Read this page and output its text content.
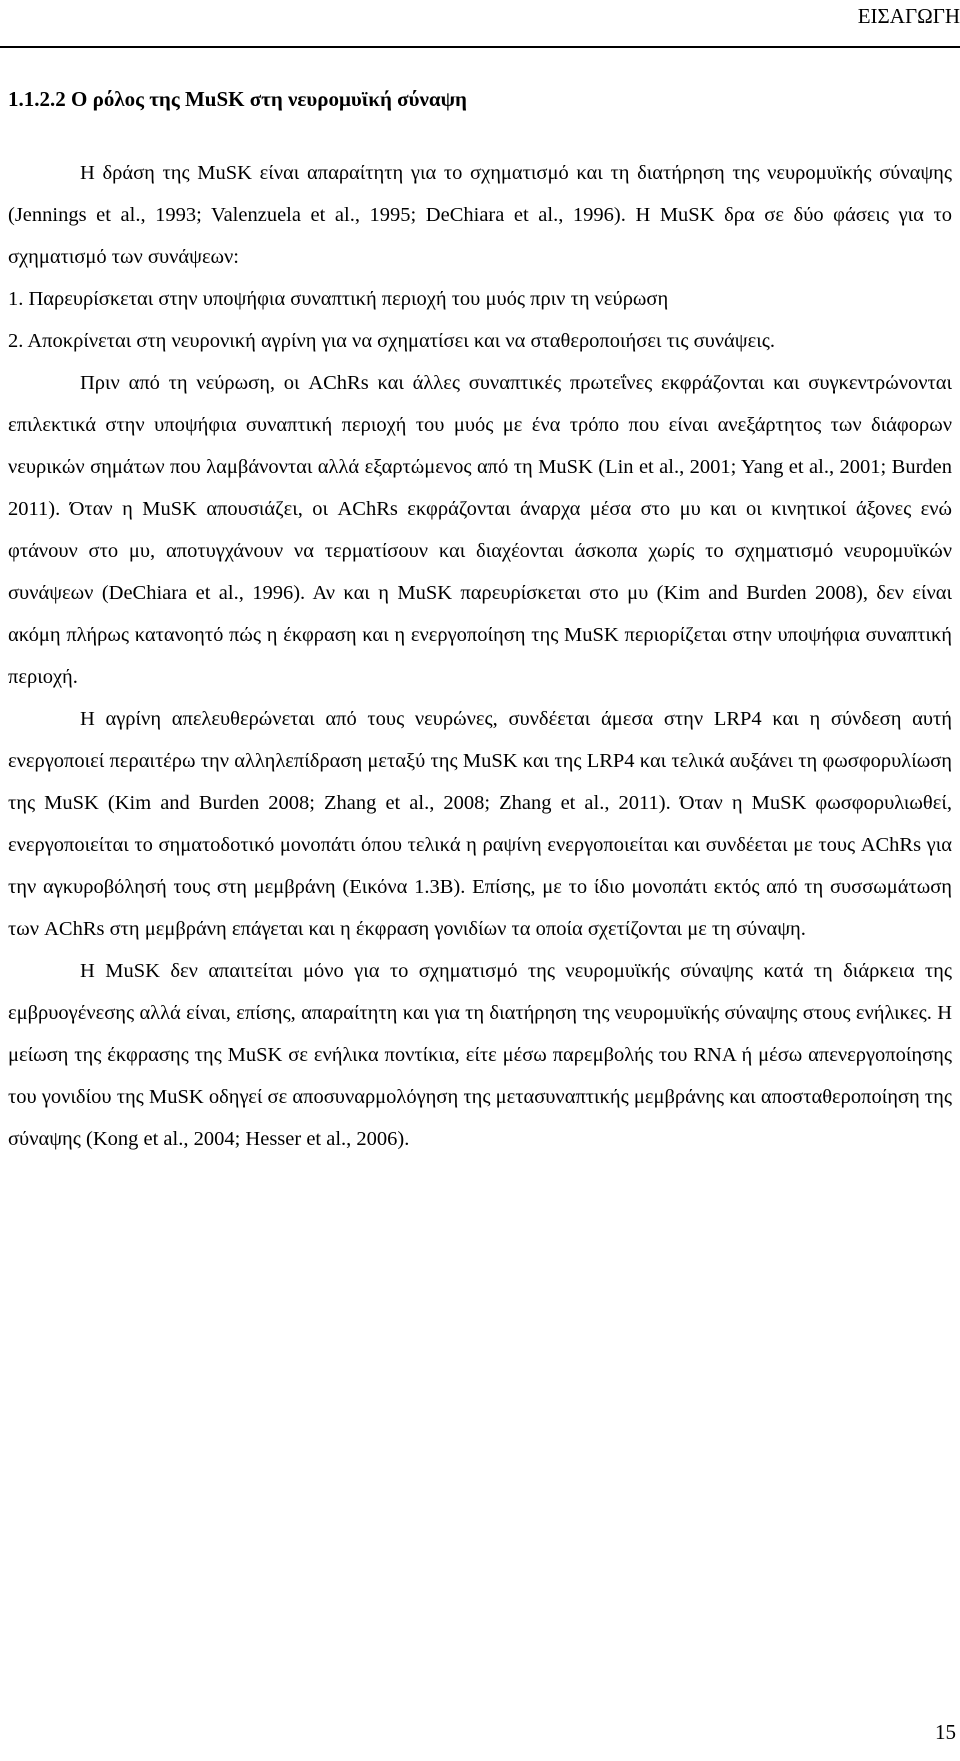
ΕΙΣΑΓΩΓΗ
1.1.2.2 Ο ρόλος της MuSK στη νευρομυϊκή σύναψη

Η δράση της MuSK είναι απαραίτητη για το σχηματισμό και τη διατήρηση της νευρομυϊκής σύναψης (Jennings et al., 1993; Valenzuela et al., 1995; DeChiara et al., 1996). Η MuSK δρα σε δύο φάσεις για το σχηματισμό των συνάψεων:

1. Παρευρίσκεται στην υποψήφια συναπτική περιοχή του μυός πριν τη νεύρωση

2. Αποκρίνεται στη νευρονική αγρίνη για να σχηματίσει και να σταθεροποιήσει τις συνάψεις.

Πριν από τη νεύρωση, οι AChRs και άλλες συναπτικές πρωτεΐνες εκφράζονται και συγκεντρώνονται επιλεκτικά στην υποψήφια συναπτική περιοχή του μυός με ένα τρόπο που είναι ανεξάρτητος των διάφορων νευρικών σημάτων που λαμβάνονται αλλά εξαρτώμενος από τη MuSK (Lin et al., 2001; Yang et al., 2001; Burden 2011). Όταν η MuSK απουσιάζει, οι AChRs εκφράζονται άναρχα μέσα στο μυ και οι κινητικοί άξονες ενώ φτάνουν στο μυ, αποτυγχάνουν να τερματίσουν και διαχέονται άσκοπα χωρίς το σχηματισμό νευρομυϊκών συνάψεων (DeChiara et al., 1996). Αν και η MuSK παρευρίσκεται στο μυ (Kim and Burden 2008), δεν είναι ακόμη πλήρως κατανοητό πώς η έκφραση και η ενεργοποίηση της MuSK περιορίζεται στην υποψήφια συναπτική περιοχή.

Η αγρίνη απελευθερώνεται από τους νευρώνες, συνδέεται άμεσα στην LRP4 και η σύνδεση αυτή ενεργοποιεί περαιτέρω την αλληλεπίδραση μεταξύ της MuSK και της LRP4 και τελικά αυξάνει τη φωσφορυλίωση της MuSK (Kim and Burden 2008; Zhang et al., 2008; Zhang et al., 2011). Όταν η MuSK φωσφορυλιωθεί, ενεργοποιείται το σηματοδοτικό μονοπάτι όπου τελικά η ραψίνη ενεργοποιείται και συνδέεται με τους AChRs για την αγκυροβόλησή τους στη μεμβράνη (Εικόνα 1.3Β). Επίσης, με το ίδιο μονοπάτι εκτός από τη συσσωμάτωση των AChRs στη μεμβράνη επάγεται και η έκφραση γονιδίων τα οποία σχετίζονται με τη σύναψη.

Η MuSK δεν απαιτείται μόνο για το σχηματισμό της νευρομυϊκής σύναψης κατά τη διάρκεια της εμβρυογένεσης αλλά είναι, επίσης, απαραίτητη και για τη διατήρηση της νευρομυϊκής σύναψης στους ενήλικες. Η μείωση της έκφρασης της MuSK σε ενήλικα ποντίκια, είτε μέσω παρεμβολής του RNA ή μέσω απενεργοποίησης του γονιδίου της MuSK οδηγεί σε αποσυναρμολόγηση της μετασυναπτικής μεμβράνης και αποσταθεροποίηση της σύναψης (Kong et al., 2004; Hesser et al., 2006).

15
